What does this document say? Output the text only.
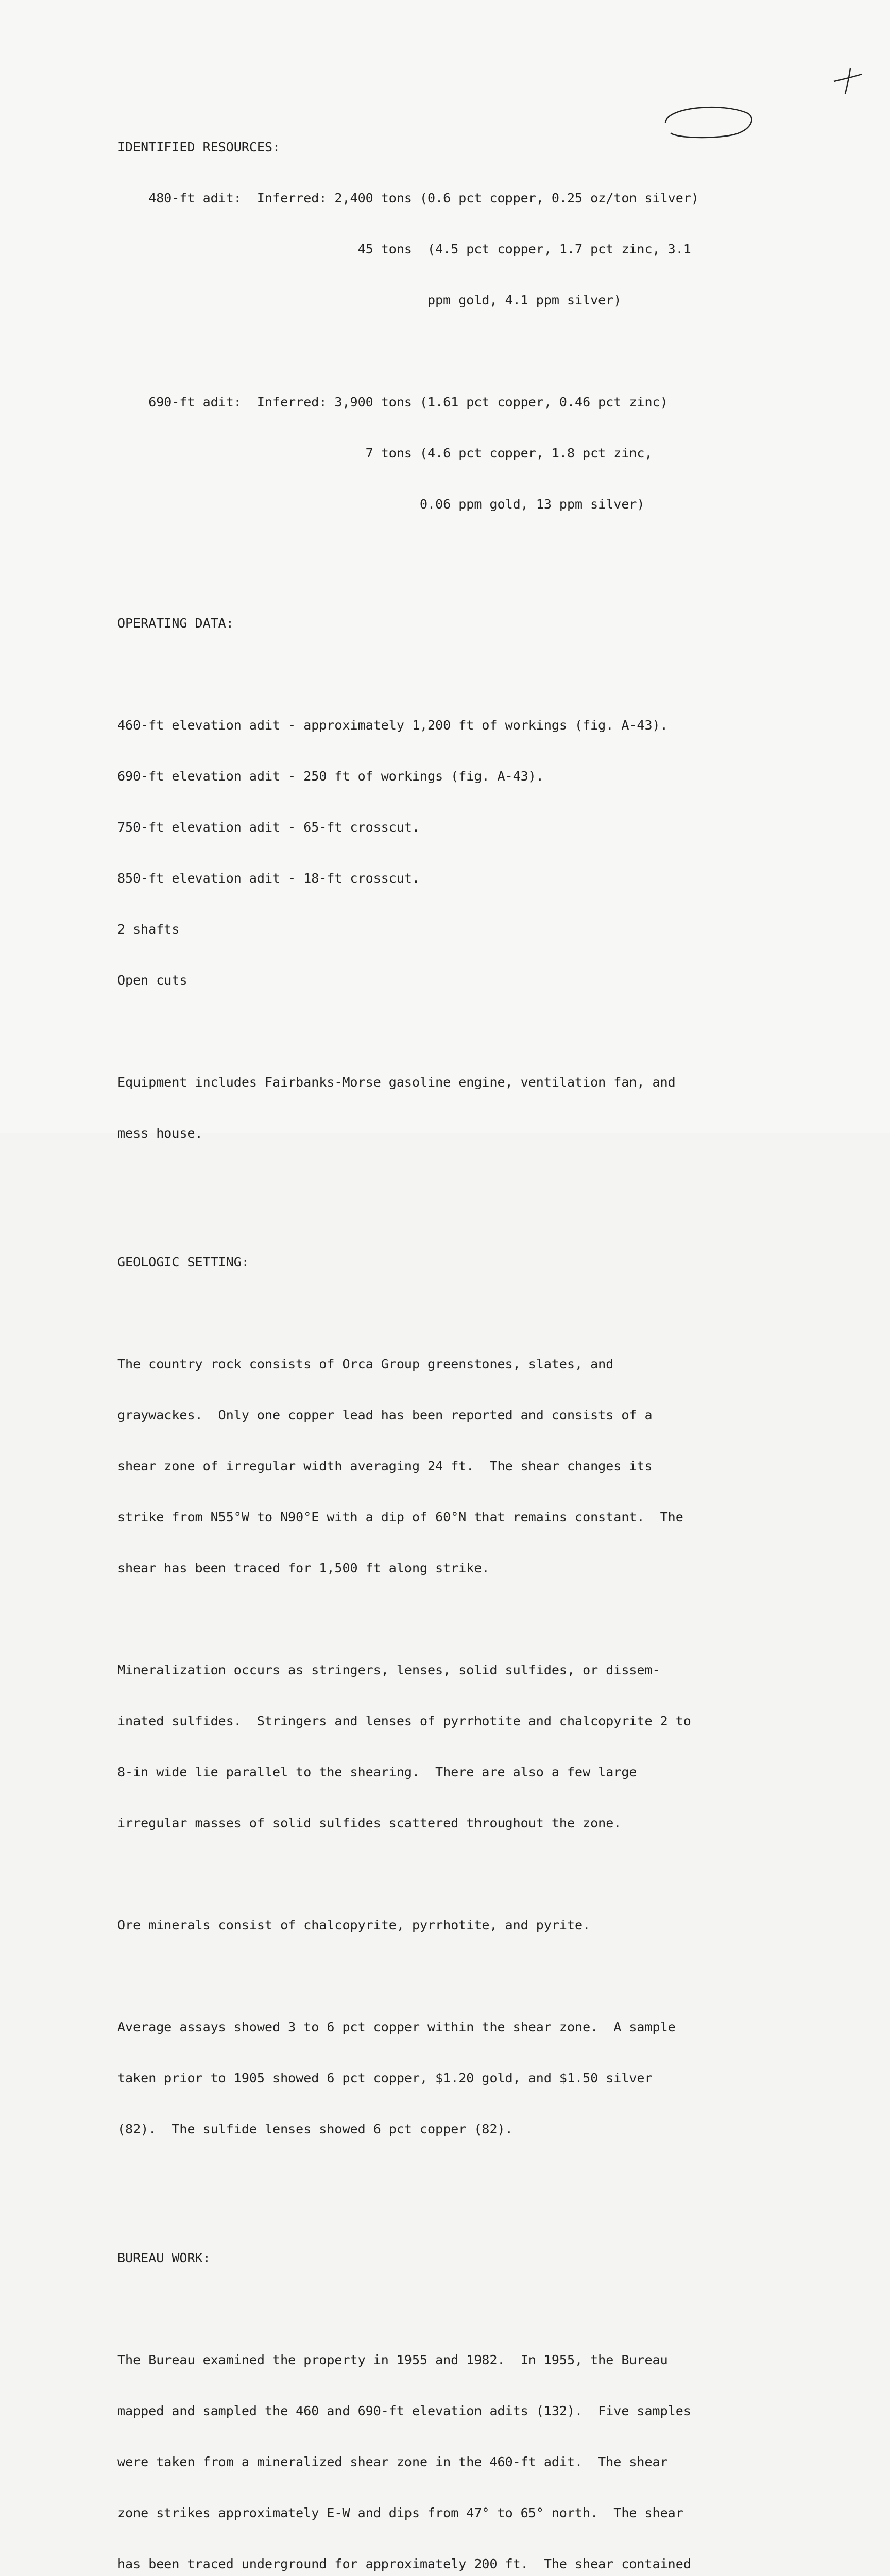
IDENTIFIED RESOURCES:

480-ft adit:  Inferred: 2,400 tons (0.6 pct copper, 0.25 oz/ton silver)

45 tons  (4.5 pct copper, 1.7 pct zinc, 3.1

ppm gold, 4.1 ppm silver)

690-ft adit:  Inferred: 3,900 tons (1.61 pct copper, 0.46 pct zinc)

7 tons (4.6 pct copper, 1.8 pct zinc,

0.06 ppm gold, 13 ppm silver)

OPERATING DATA:

460-ft elevation adit - approximately 1,200 ft of workings (fig. A-43).

690-ft elevation adit - 250 ft of workings (fig. A-43).

750-ft elevation adit - 65-ft crosscut.

850-ft elevation adit - 18-ft crosscut.

2 shafts

Open cuts

Equipment includes Fairbanks-Morse gasoline engine, ventilation fan, and

mess house.

GEOLOGIC SETTING:

The country rock consists of Orca Group greenstones, slates, and

graywackes.  Only one copper lead has been reported and consists of a

shear zone of irregular width averaging 24 ft.  The shear changes its

strike from N55°W to N90°E with a dip of 60°N that remains constant.  The

shear has been traced for 1,500 ft along strike.

Mineralization occurs as stringers, lenses, solid sulfides, or dissem-

inated sulfides.  Stringers and lenses of pyrrhotite and chalcopyrite 2 to

8-in wide lie parallel to the shearing.  There are also a few large

irregular masses of solid sulfides scattered throughout the zone.

Ore minerals consist of chalcopyrite, pyrrhotite, and pyrite.

Average assays showed 3 to 6 pct copper within the shear zone.  A sample

taken prior to 1905 showed 6 pct copper, $1.20 gold, and $1.50 silver

(82).  The sulfide lenses showed 6 pct copper (82).

BUREAU WORK:

The Bureau examined the property in 1955 and 1982.  In 1955, the Bureau

mapped and sampled the 460 and 690-ft elevation adits (132).  Five samples

were taken from a mineralized shear zone in the 460-ft adit.  The shear

zone strikes approximately E-W and dips from 47° to 65° north.  The shear

has been traced underground for approximately 200 ft.  The shear contained
